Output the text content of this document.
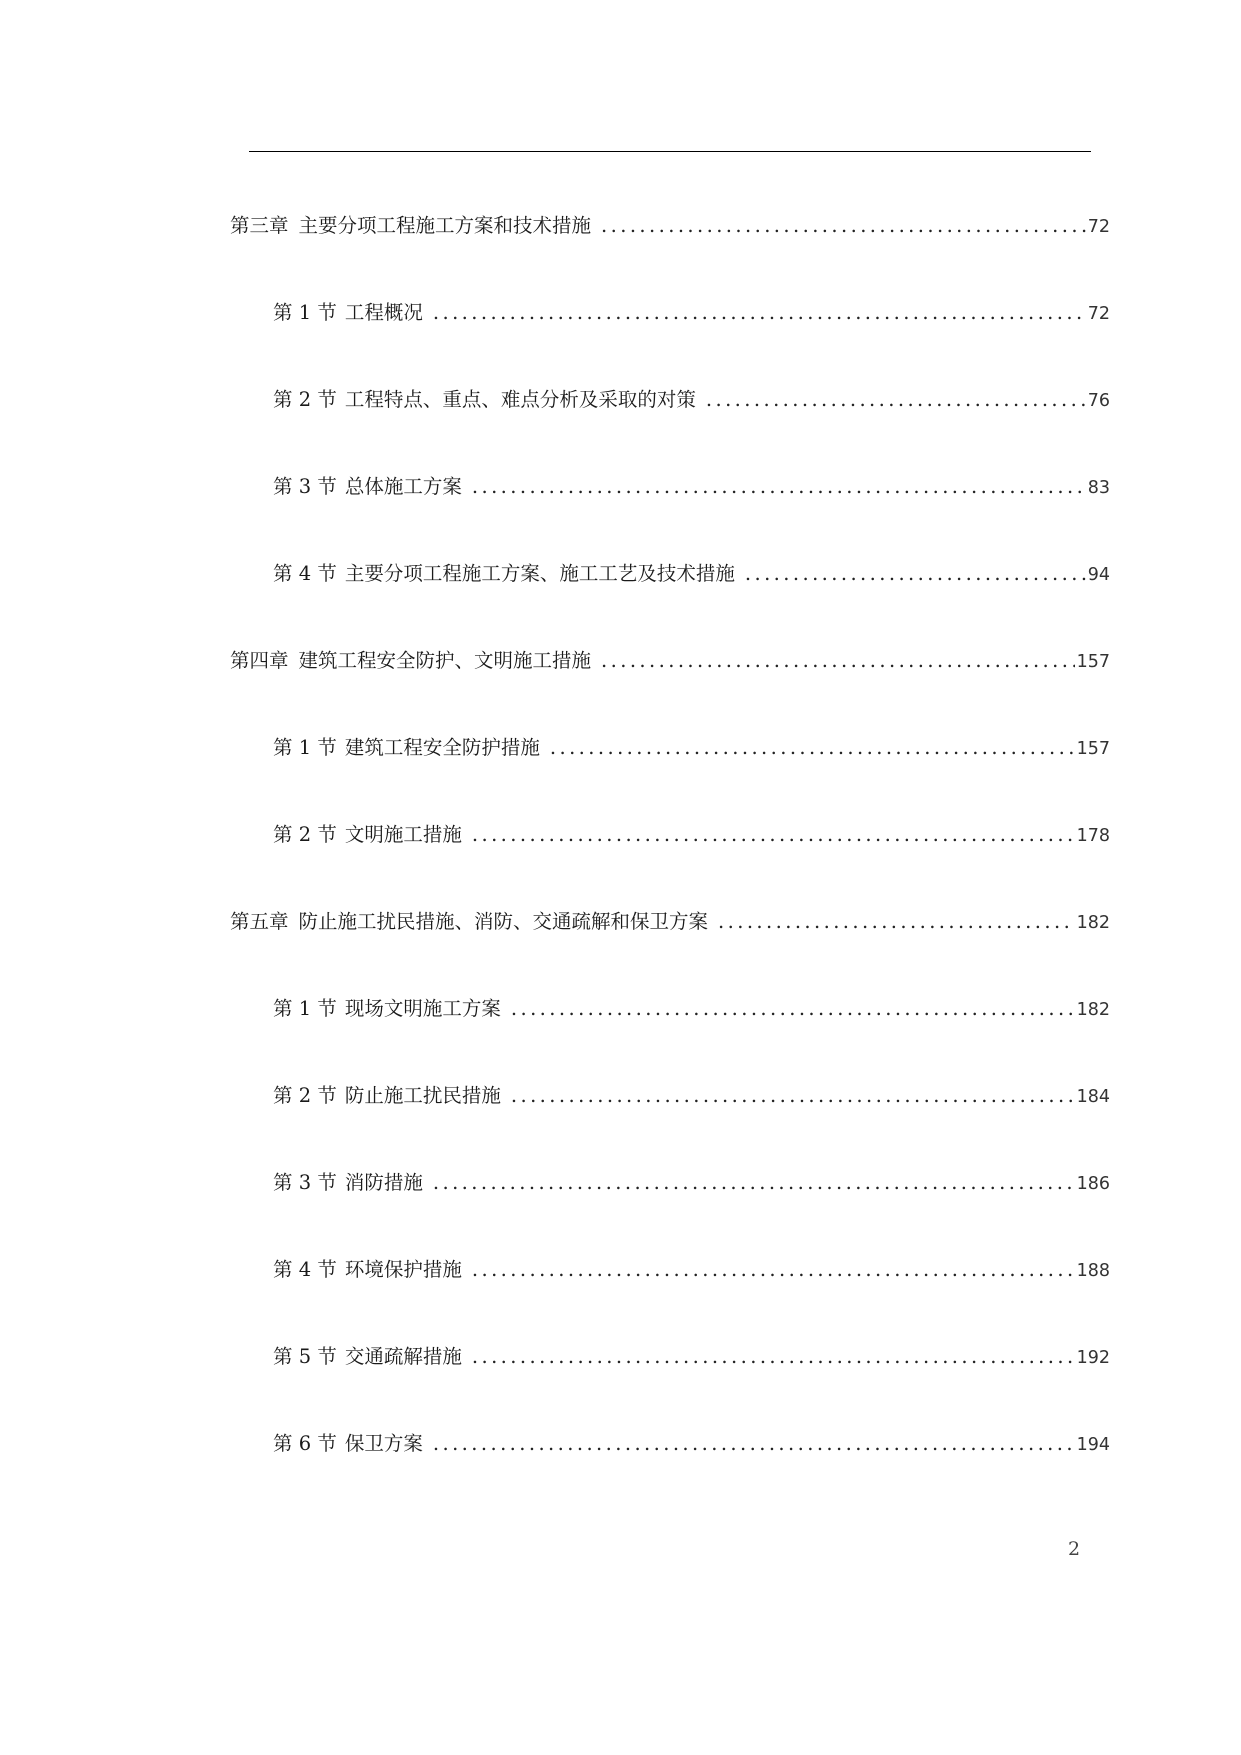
第三章 主要分项工程施工方案和技术措施 .....	72
第 1 节 工程概况 .....	72
第 2 节 工程特点、重点、难点分析及采取的对策 .....	76
第 3 节 总体施工方案 .....	83
第 4 节 主要分项工程施工方案、施工工艺及技术措施 .....	94
第四章 建筑工程安全防护、文明施工措施 .....	157
第 1 节 建筑工程安全防护措施 .....	157
第 2 节 文明施工措施 .....	178
第五章 防止施工扰民措施、消防、交通疏解和保卫方案 .....	182
第 1 节 现场文明施工方案 .....	182
第 2 节 防止施工扰民措施 .....	184
第 3 节 消防措施 .....	186
第 4 节 环境保护措施 .....	188
第 5 节 交通疏解措施 .....	192
第 6 节 保卫方案 .....	194
2
